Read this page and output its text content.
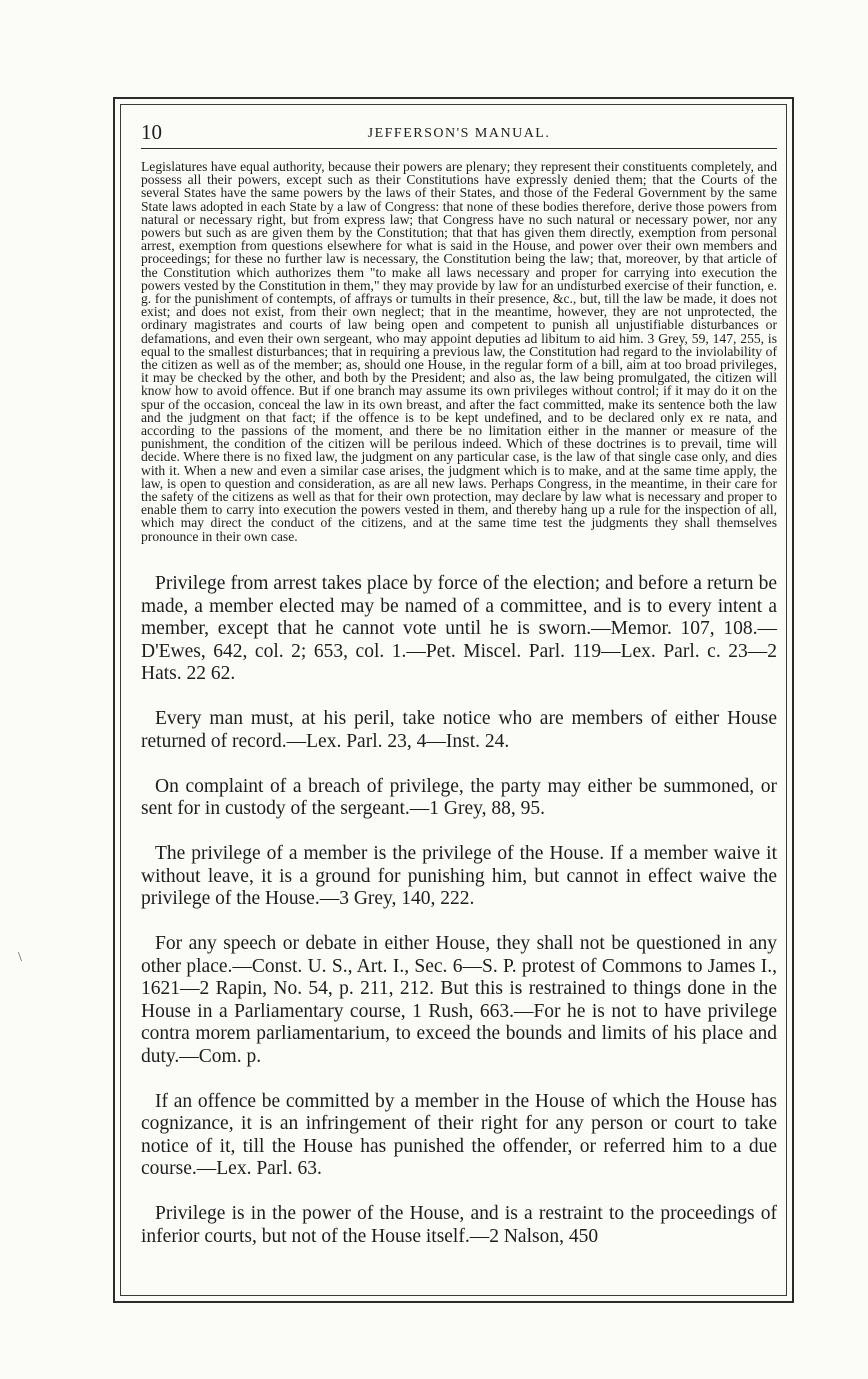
\
10	JEFFERSON'S MANUAL.
Legislatures have equal authority, because their powers are plenary; they represent their constituents completely, and possess all their powers, except such as their Constitutions have expressly denied them; that the Courts of the several States have the same powers by the laws of their States, and those of the Federal Government by the same State laws adopted in each State by a law of Congress: that none of these bodies therefore, derive those powers from natural or necessary right, but from express law; that Congress have no such natural or necessary power, nor any powers but such as are given them by the Constitution; that that has given them directly, exemption from personal arrest, exemption from questions elsewhere for what is said in the House, and power over their own members and proceedings; for these no further law is necessary, the Constitution being the law; that, moreover, by that article of the Constitution which authorizes them "to make all laws necessary and proper for carrying into execution the powers vested by the Constitution in them," they may provide by law for an undisturbed exercise of their function, e. g. for the punishment of contempts, of affrays or tumults in their presence, &c., but, till the law be made, it does not exist; and does not exist, from their own neglect; that in the meantime, however, they are not unprotected, the ordinary magistrates and courts of law being open and competent to punish all unjustifiable disturbances or defamations, and even their own sergeant, who may appoint deputies ad libitum to aid him. 3 Grey, 59, 147, 255, is equal to the smallest disturbances; that in requiring a previous law, the Constitution had regard to the inviolability of the citizen as well as of the member; as, should one House, in the regular form of a bill, aim at too broad privileges, it may be checked by the other, and both by the President; and also as, the law being promulgated, the citizen will know how to avoid offence. But if one branch may assume its own privileges without control; if it may do it on the spur of the occasion, conceal the law in its own breast, and after the fact committed, make its sentence both the law and the judgment on that fact; if the offence is to be kept undefined, and to be declared only ex re nata, and according to the passions of the moment, and there be no limitation either in the manner or measure of the punishment, the condition of the citizen will be perilous indeed. Which of these doctrines is to prevail, time will decide. Where there is no fixed law, the judgment on any particular case, is the law of that single case only, and dies with it. When a new and even a similar case arises, the judgment which is to make, and at the same time apply, the law, is open to question and consideration, as are all new laws. Perhaps Congress, in the meantime, in their care for the safety of the citizens as well as that for their own protection, may declare by law what is necessary and proper to enable them to carry into execution the powers vested in them, and thereby hang up a rule for the inspection of all, which may direct the conduct of the citizens, and at the same time test the judgments they shall themselves pronounce in their own case.

Privilege from arrest takes place by force of the election; and before a return be made, a member elected may be named of a committee, and is to every intent a member, except that he cannot vote until he is sworn.—Memor. 107, 108.—D'Ewes, 642, col. 2; 653, col. 1.—Pet. Miscel. Parl. 119—Lex. Parl. c. 23—2 Hats. 22 62.

Every man must, at his peril, take notice who are members of either House returned of record.—Lex. Parl. 23, 4—Inst. 24.

On complaint of a breach of privilege, the party may either be summoned, or sent for in custody of the sergeant.—1 Grey, 88, 95.

The privilege of a member is the privilege of the House. If a member waive it without leave, it is a ground for punishing him, but cannot in effect waive the privilege of the House.—3 Grey, 140, 222.

For any speech or debate in either House, they shall not be questioned in any other place.—Const. U. S., Art. I., Sec. 6—S. P. protest of Commons to James I., 1621—2 Rapin, No. 54, p. 211, 212. But this is restrained to things done in the House in a Parliamentary course, 1 Rush, 663.—For he is not to have privilege contra morem parliamentarium, to exceed the bounds and limits of his place and duty.—Com. p.

If an offence be committed by a member in the House of which the House has cognizance, it is an infringement of their right for any person or court to take notice of it, till the House has punished the offender, or referred him to a due course.—Lex. Parl. 63.

Privilege is in the power of the House, and is a restraint to the proceedings of inferior courts, but not of the House itself.—2 Nalson, 450
